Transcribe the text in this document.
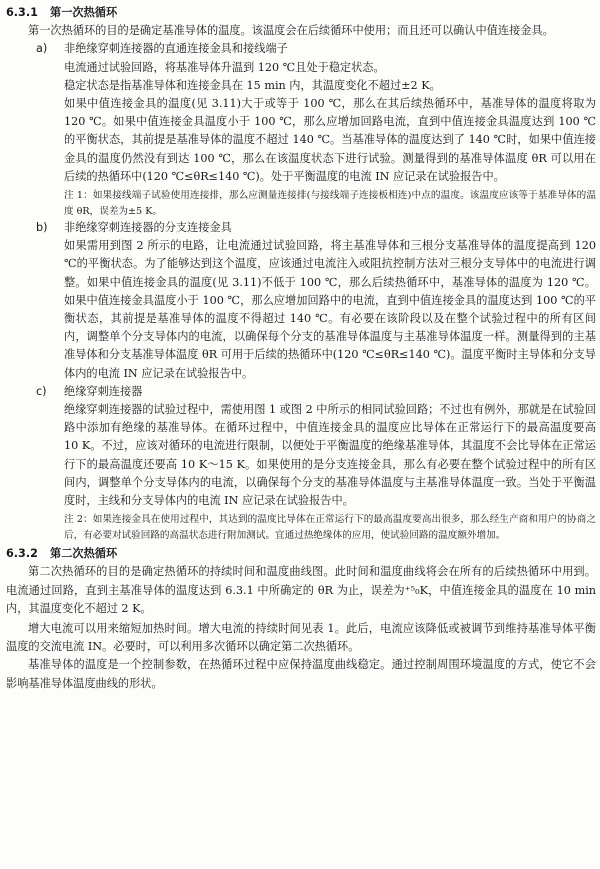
6.3.1 第一次热循环

第一次热循环的目的是确定基准导体的温度。该温度会在后续循环中使用；而且还可以确认中值连接金具。

a) 非绝缘穿刺连接器的直通连接金具和接线端子

电流通过试验回路，将基准导体升温到 120 ℃且处于稳定状态。

稳定状态是指基准导体和连接金具在 15 min 内，其温度变化不超过±2 K。

如果中值连接金具的温度(见 3.11)大于或等于 100 ℃，那么在其后续热循环中，基准导体的温度将取为 120 ℃。如果中值连接金具温度小于 100 ℃，那么应增加回路电流，直到中值连接金具温度达到 100 ℃的平衡状态，其前提是基准导体的温度不超过 140 ℃。当基准导体的温度达到了 140 ℃时，如果中值连接金具的温度仍然没有到达 100 ℃，那么在该温度状态下进行试验。测量得到的基准导体温度 θR 可以用在后续的热循环中(120 ℃≤θR≤140 ℃)。处于平衡温度的电流 IN 应记录在试验报告中。

注 1：如果接线端子试验使用连接排，那么应测量连接排(与接线端子连接板相连)中点的温度。该温度应该等于基准导体的温度 θR，误差为±5 K。

b) 非绝缘穿刺连接器的分支连接金具

如果需用到图 2 所示的电路，让电流通过试验回路，将主基准导体和三根分支基准导体的温度提高到 120 ℃的平衡状态。为了能够达到这个温度，应该通过电流注入或阻抗控制方法对三根分支导体中的电流进行调整。如果中值连接金具的温度(见 3.11)不低于 100 ℃，那么后续热循环中，基准导体的温度为 120 ℃。如果中值连接金具温度小于 100 ℃，那么应增加回路中的电流，直到中值连接金具的温度达到 100 ℃的平衡状态，其前提是基准导体的温度不得超过 140 ℃。有必要在该阶段以及在整个试验过程中的所有区间内，调整单个分支导体内的电流，以确保每个分支的基准导体温度与主基准导体温度一样。测量得到的主基准导体和分支基准导体温度 θR 可用于后续的热循环中(120 ℃≤θR≤140 ℃)。温度平衡时主导体和分支导体内的电流 IN 应记录在试验报告中。

c) 绝缘穿刺连接器

绝缘穿刺连接器的试验过程中，需使用图 1 或图 2 中所示的相同试验回路；不过也有例外，那就是在试验回路中添加有绝缘的基准导体。在循环过程中，中值连接金具的温度应比导体在正常运行下的最高温度要高 10 K。不过，应该对循环的电流进行限制，以便处于平衡温度的绝缘基准导体，其温度不会比导体在正常运行下的最高温度还要高 10 K～15 K。如果使用的是分支连接金具，那么有必要在整个试验过程中的所有区间内，调整单个分支导体内的电流，以确保每个分支的基准导体温度与主基准导体温度一致。当处于平衡温度时，主线和分支导体内的电流 IN 应记录在试验报告中。

注 2：如果连接金具在使用过程中，其达到的温度比导体在正常运行下的最高温度要高出很多，那么经生产商和用户的协商之后，有必要对试验回路的高温状态进行附加测试。宜通过热绝缘体的应用，使试验回路的温度额外增加。

6.3.2 第二次热循环

第二次热循环的目的是确定热循环的持续时间和温度曲线图。此时间和温度曲线将会在所有的后续热循环中用到。电流通过回路，直到主基准导体的温度达到 6.3.1 中所确定的 θR 为止，误差为⁺⁵₀K，中值连接金具的温度在 10 min 内，其温度变化不超过 2 K。

增大电流可以用来缩短加热时间。增大电流的持续时间见表 1。此后，电流应该降低或被调节到维持基准导体平衡温度的交流电流 IN。必要时，可以利用多次循环以确定第二次热循环。

基准导体的温度是一个控制参数，在热循环过程中应保持温度曲线稳定。通过控制周围环境温度的方式，使它不会影响基准导体温度曲线的形状。
